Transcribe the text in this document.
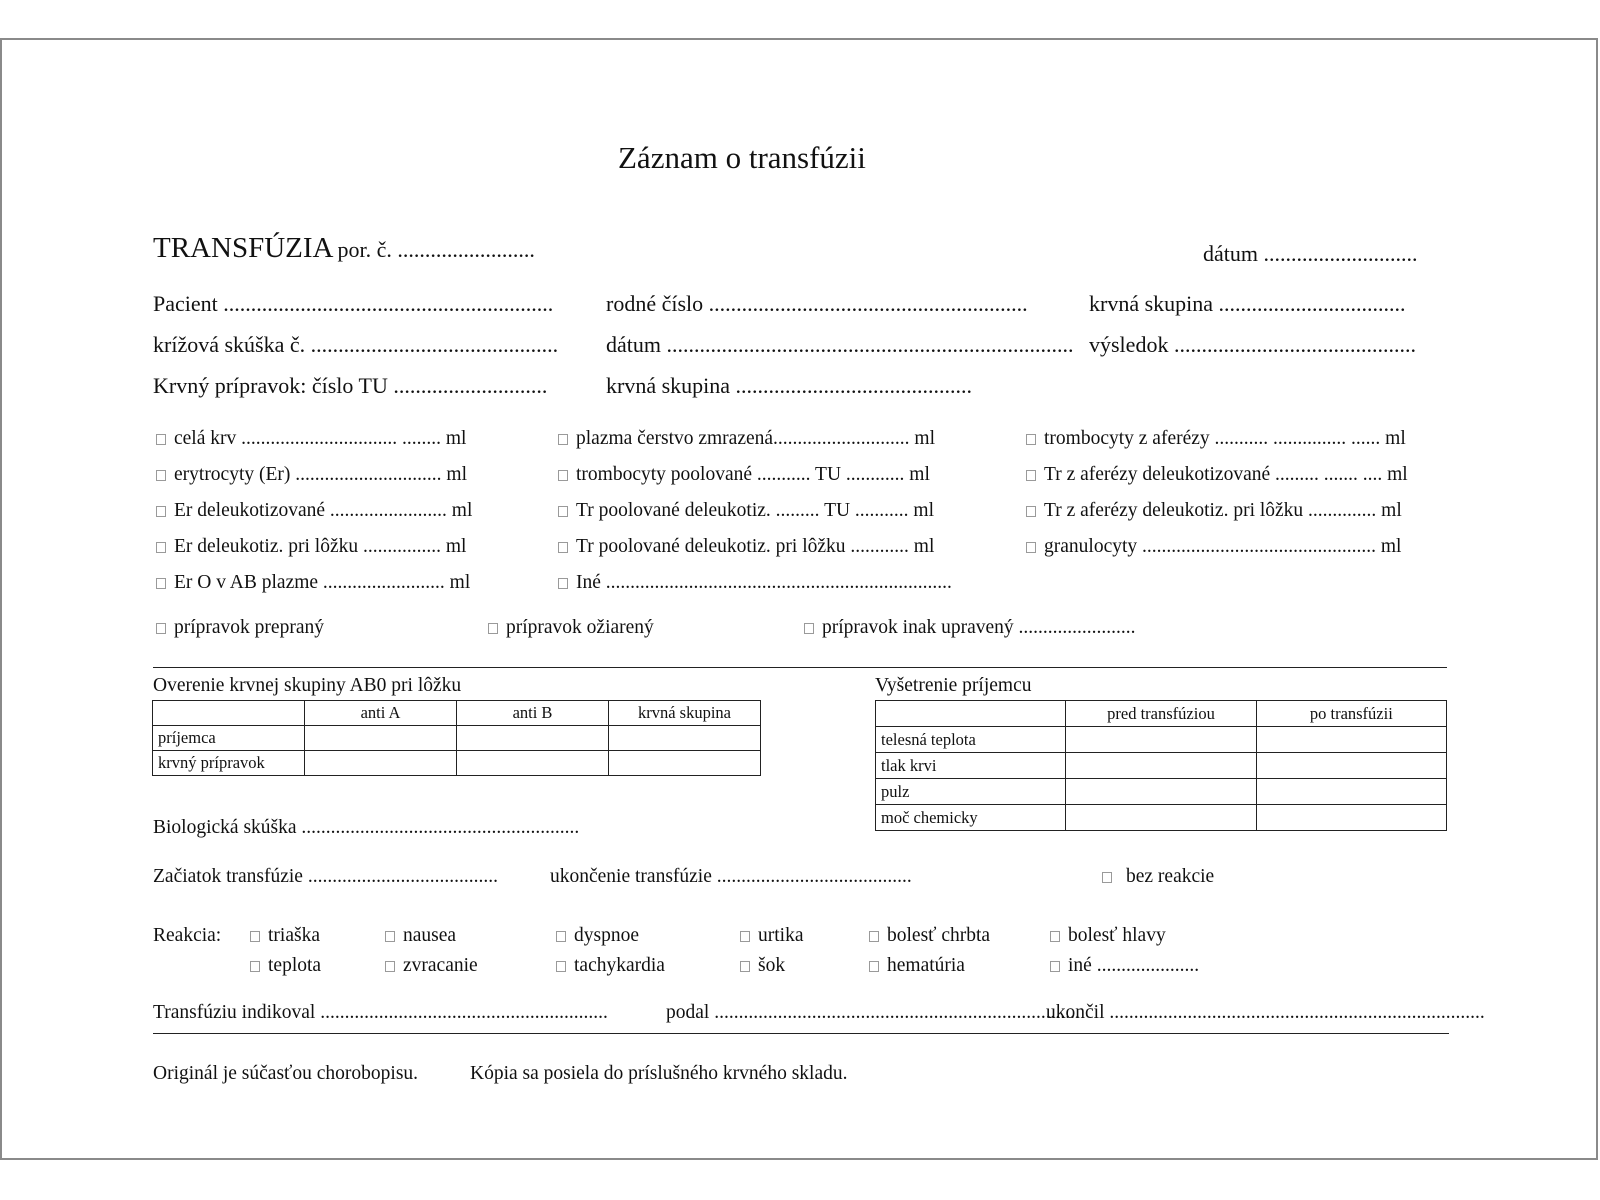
Záznam o transfúzii
TRANSFÚZIA por. č. .........................	dátum ............................
Pacient ............................................................ rodné číslo ..........................................................	krvná skupina ..................................
krížová skúška č. ............................................. dátum .......................................................................... výsledok ............................................
Krvný prípravok: číslo TU ............................	krvná skupina ...........................................
celá krv ................................ ........ ml
erytrocyty (Er) .............................. ml
Er deleukotizované ........................ ml
Er deleukotiz. pri lôžku ................ ml
Er O v AB plazme ......................... ml
plazma čerstvo zmrazená............................ ml
trombocyty poolované ........... TU ............ ml
Tr poolované deleukotiz. ......... TU ........... ml
Tr poolované deleukotiz. pri lôžku ............ ml
Iné .......................................................................
trombocyty z aferézy ........... ............... ...... ml
Tr z aferézy deleukotizované ......... ....... .... ml
Tr z aferézy deleukotiz. pri lôžku .............. ml
granulocyty ................................................ ml
prípravok prepraný	prípravok ožiarený	prípravok inak upravený ........................
Overenie krvnej skupiny AB0 pri lôžku
	anti A	anti B	krvná skupina
príjemca			
krvný prípravok			
Vyšetrenie príjemcu
	pred transfúziou	po transfúzii
telesná teplota		
tlak krvi		
pulz		
moč chemicky		
Biologická skúška .........................................................
Začiatok transfúzie .......................................	ukončenie transfúzie ........................................	bez reakcie
Reakcia:	triaška	nausea	dyspnoe	urtika	bolesť chrbta	bolesť hlavy
teplota	zvracanie	tachykardia	šok	hematúria	iné .....................
Transfúziu indikoval ...........................................................	podal ...........................................................................
ukončil .............................................................................
Originál je súčasťou chorobopisu.	Kópia sa posiela do príslušného krvného skladu.
